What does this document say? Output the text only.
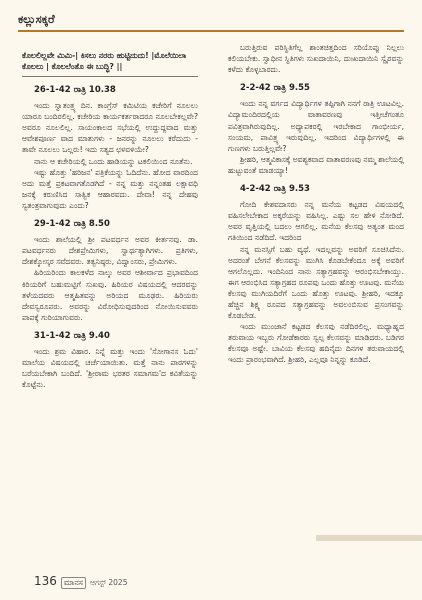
ಕಲ್ಲುಸಕ್ಕರೆ
ಕೊಲಲಿಲ್ಲವೇ ಮಿಮಿ-| ಕಿಸಲು ನರರು ಹುಟ್ಟಿದುದು! |ಮೊಲೆಯಿಲಾ ಕೊಲಲು | ಕೊಲಲೆಂತೊ ಈ ಬುದ್ಧಿ? ||
26-1-42 ರಾತ್ರಿ 10.38

ಇಂದು ಸ್ವಾತಂತ್ರ್ಯ ದಿನ. ಕಾಂಗ್ರೆಸ್ ಕಮಿಟಿಯ ಕಚೇರಿಗೆ ನೂಲಲು ಯಾರೂ ಬಂದಿರಲಿಲ್ಲ. ಕಚೇರಿಯ ಕಾರ್ಯಕರ್ತರಾದರೂ ನೂಲಬೇಕಲ್ಲವೇ? ಅವರೂ ನೂಲಲಿಲ್ಲ. ಸಾಯಂಕಾಲದ ಸಭೆಯಲ್ಲಿ ಉದ್ದುದ್ದವಾದ ಮತ್ತು ಆವೇಶಪೂರ್ಣ ವಾದ ಮಾತುಗಳು - ಜನರನ್ನು ನೂಲಲು ಕರೆದುದು - ತಾವೇ ನೂಲಲು ಒಲ್ಲರು! ಇದು ಸತ್ಯದ ಛಳವಳಿಯೇ?

ನಾನು ಆ ಕಚೇರಿಯಲ್ಲಿ ಒಂದು ಹಾಡಿಯನ್ನು ಟಕಲಿಯಿಂದ ನೂತೆನು.

ಇಷ್ಟು ಹೊತ್ತು 'ಹರಿಜನ' ಪತ್ರಿಕೆಯನ್ನು ಓದಿದೆನು. ಹೋದ ವಾರದಿಂದ ಅದು ಮತ್ತೆ ಪ್ರಕಟವಾಗತೊಡಗಿದೆ - ನನ್ನ ಮತ್ತು ನನ್ನಂತಹ ಲಕ್ಷಾವಧಿ ಜನಕ್ಕೆ ಕರುಣಿಸಿದ ಸಾತ್ವಿಕ ಆಹಾರವದು. ದೇವಾ! ನನ್ನ ದೇಹವು ಸ್ವತಂತ್ರವಾಗುವುದು ಎಂದು?

29-1-42 ರಾತ್ರಿ 8.50

ಇಂದು ಶಾಲೆಯಲ್ಲಿ ಶ್ರೀ ಪಟವರ್ಧನ ಅವರ ಕೀರ್ತನವು. ಡಾ. ಪಟವರ್ಧನರು ದೇಶಪ್ರೇಮಿಗಳು, ಸ್ವಾರ್ಥತ್ಯಾಗಿಗಳು. ಪ್ರತಿಗಳು, ದೇಶಕ್ಕೋಸ್ಕರ ಸವೆದವರು. ತತ್ವನಿಷ್ಠರು, ವಿದ್ವಾಂಸರು, ಪ್ರೇಮಿಗಳು.

ಹಿರಿಯರಿಂದು ಕಾಲಕಳೆದ ನಾಲ್ಕು ಅವರ ಆಶೀರ್ವಾದ ಪ್ರಭಾವದಿಂದ ಕಿರಿಯರಿಗೆ ಬಹುಮಟ್ಟಿಗೆ ಸುಖವು. ಹಿರಿಯರ ವಿಷಯದಲ್ಲಿ ಆದರವನ್ನು ತಳೆಯದವರು ಆತ್ಮಹಿತವನ್ನು ಅರಿಯದ ಮೂಢರು. ಹಿರಿಯರು ದೇವಸ್ವರೂಪರು. ಅವರನ್ನು ವಿರೋಧಿಸುವುದರಿಂದ ನೋಯಿಸುವವರು ಪಾಪಕ್ಕೆ ಗುರಿಯಾಗುವರು.

31-1-42 ರಾತ್ರಿ 9.40

ಇಂದು ಶ್ರಮ ವಿಹಾರ. ನಿನ್ನೆ ಮತ್ತು ಇಂದು 'ಸೋಗಾನಸ ಓದು' ಮಾಲೆಯ ವಿಷಯದಲ್ಲಿ ಚರ್ಚೆಯಾಯಿತು. ಮತ್ತೆ ನಾನು ಪಾಠಗಳನ್ನು ಬರೆಯಬೇಕಾಗಿ ಬಂದಿದೆ. 'ಶ್ರೀರಾಮ ಭರತರ ಸಮಾಗಮ'ದ ಕವಿತೆಯನ್ನು ಕೊಟ್ಟೆನು.

ಬರುತ್ತಿರುವ ಪರಿಸ್ಥಿತಿಗೆಲ್ಲ ಶಾಂತಚಿತ್ತದಿಂದ ಸರಿಯೊಪ್ಪು ನಿಲ್ಲಲು ಕಲಿಯಬೇಕು. ಸ್ವಾಧೀನ ಸ್ಥಿತಿಗಳು ಸುಖದಾಯಿನಿ, ದುಃಖದಾಯಿನಿ ಸ್ವೈರವನ್ನು ಕಳೆದು ಕೊಳ್ಳಬಾರದು.

2-2-42 ರಾತ್ರಿ 9.55

ಇಂದು ನನ್ನ ವರ್ಗದ ವಿದ್ಯಾರ್ಥಿಗಳ ತಪ್ಪಿಗಾಗಿ ನನಗೆ ರಾತ್ರಿ ಊಟವಿಲ್ಲ. ವಿದ್ಯಾಮಂದಿರದಲ್ಲಿಯ ವಾತಾವರಣವು ಇತ್ತೀಚೆಗಂತೂ ಪವಿತ್ರವಾಗಿರುವುದಿಲ್ಲ. ಅಧ್ಯಾಪಕರಲ್ಲಿ ಇರಬೇಕಾದ ಗಾಂಭೀರ್ಯ, ಸಂಯಮ, ಪಾವಿತ್ರ್ಯ ಇರುವುದಿಲ್ಲ. ಇದರಿಂದ ವಿದ್ಯಾರ್ಥಿಗಳಲ್ಲಿ ಈ ಗುಣಗಳು ಬರುತ್ತಿಲ್ಲವೇ?

ಶ್ರೀಹರಿ, ಆತ್ಮವಿಕಾಸಕ್ಕೆ ಅವಶ್ಯಕವಾದ ವಾತಾವರಣವು ನಮ್ಮ ಶಾಲೆಯಲ್ಲಿ ಹುಟ್ಟುವಂತೆ ಮಾಡಯ್ಯಾ!

4-2-42 ರಾತ್ರಿ 9.53

ಗೋದಿ ಕೇಶವದಾಸರು ನನ್ನ ಮನೆಯ ಕಟ್ಟಡದ ವಿಷಯದಲ್ಲಿ ವಹಿಸಲೇಬೇಕಾದ ಅಕ್ಕರೆಯನ್ನು ವಹಿಸಿಲ್ಲ. ಎಷ್ಟು ಸಲ ಹೇಳಿ ನೋಡಿದೆ. ಅವರ ವೃತ್ತಿಯಲ್ಲಿ ಬದಲು ಆಗಲಿಲ್ಲ. ಮನೆಯ ಕೆಲಸವು ಅತ್ಯಂತ ಮಂದ ಗತಿಯಿಂದ ನಡೆದಿದೆ. ಇದರಿಂದ

ನನ್ನ ಮನಸ್ಸಿಗೆ ಬಹು ವ್ಯಥೆ. ಇದಲ್ಲವನ್ನು ಅವರಿಗೆ ಸೂಚಿಸಿದೆನು. ಅದರಂತೆ ಬೇಗನೆ ಕೆಲಸವನ್ನು ಮುಗಿಸಿ ಕೊಡಬೇಕೆಂದೂ ಅಕ್ಕೆ ಅವರಿಗೆ ಆಗಲೊಲ್ಲದು. ಇಂದಿನಿಂದ ನಾನು ಸತ್ಯಾಗ್ರಹವನ್ನು ಆರಂಭಿಸಬೇಕಾಯ್ತು. ಈಗ ಆರಂಭಿಸಿದ ಸತ್ಯಾಗ್ರಹದ ರೂಪವು ಒಂದು ಹೊತ್ತು ಊಟವು. ಮನೆಯ ಕೆಲಸವು ಮುಗಿಯದಿರೆಗೆ ಒಂದು ಹೊತ್ತು ಊಟವು. ಶ್ರೀಹರಿ, ಇದಕ್ಕೂ ಹೆಚ್ಚಿನ ಶಿಕ್ಷ್ಯ ರೂಪದ ಸತ್ಯಾಗ್ರಹವನ್ನು ಅವಲಂಬಿಸುವ ಪ್ರಸಂಗವನ್ನು ಕೊಡಬೇಡ.

ಇಂದು ಮುಂಜಾನೆ ಕಟ್ಟಡದ ಕೆಲಸವು ನಡೆದಿರಲಿಲ್ಲ. ಮಧ್ಯಾಹ್ನದ ತರುವಾಯ ಇಬ್ಬರು ಗೋಡೆಕಾರರು ಸ್ವಲ್ಪ ಕೆಲಸವನ್ನು ಮಾಡಿದರು. ಬಡಿಗರ ಕೆಲಸವೂ ಅಷ್ಟೇ. ಬಾವಿಯ ಕೆಲಸವು ಹದಿನೈದು ದಿನಗಳ ತರುವಾಯದಲ್ಲಿ ಇಂದು ಪ್ರಾರಂಭವಾಗಿದೆ. ಶ್ರೀಹರಿ, ಎಲ್ಲವೂ ನಿನ್ನನ್ನು ಕೂಡಿದೆ.

136 ಮಾನಸ ಆಗಸ್ಟ್ 2025
